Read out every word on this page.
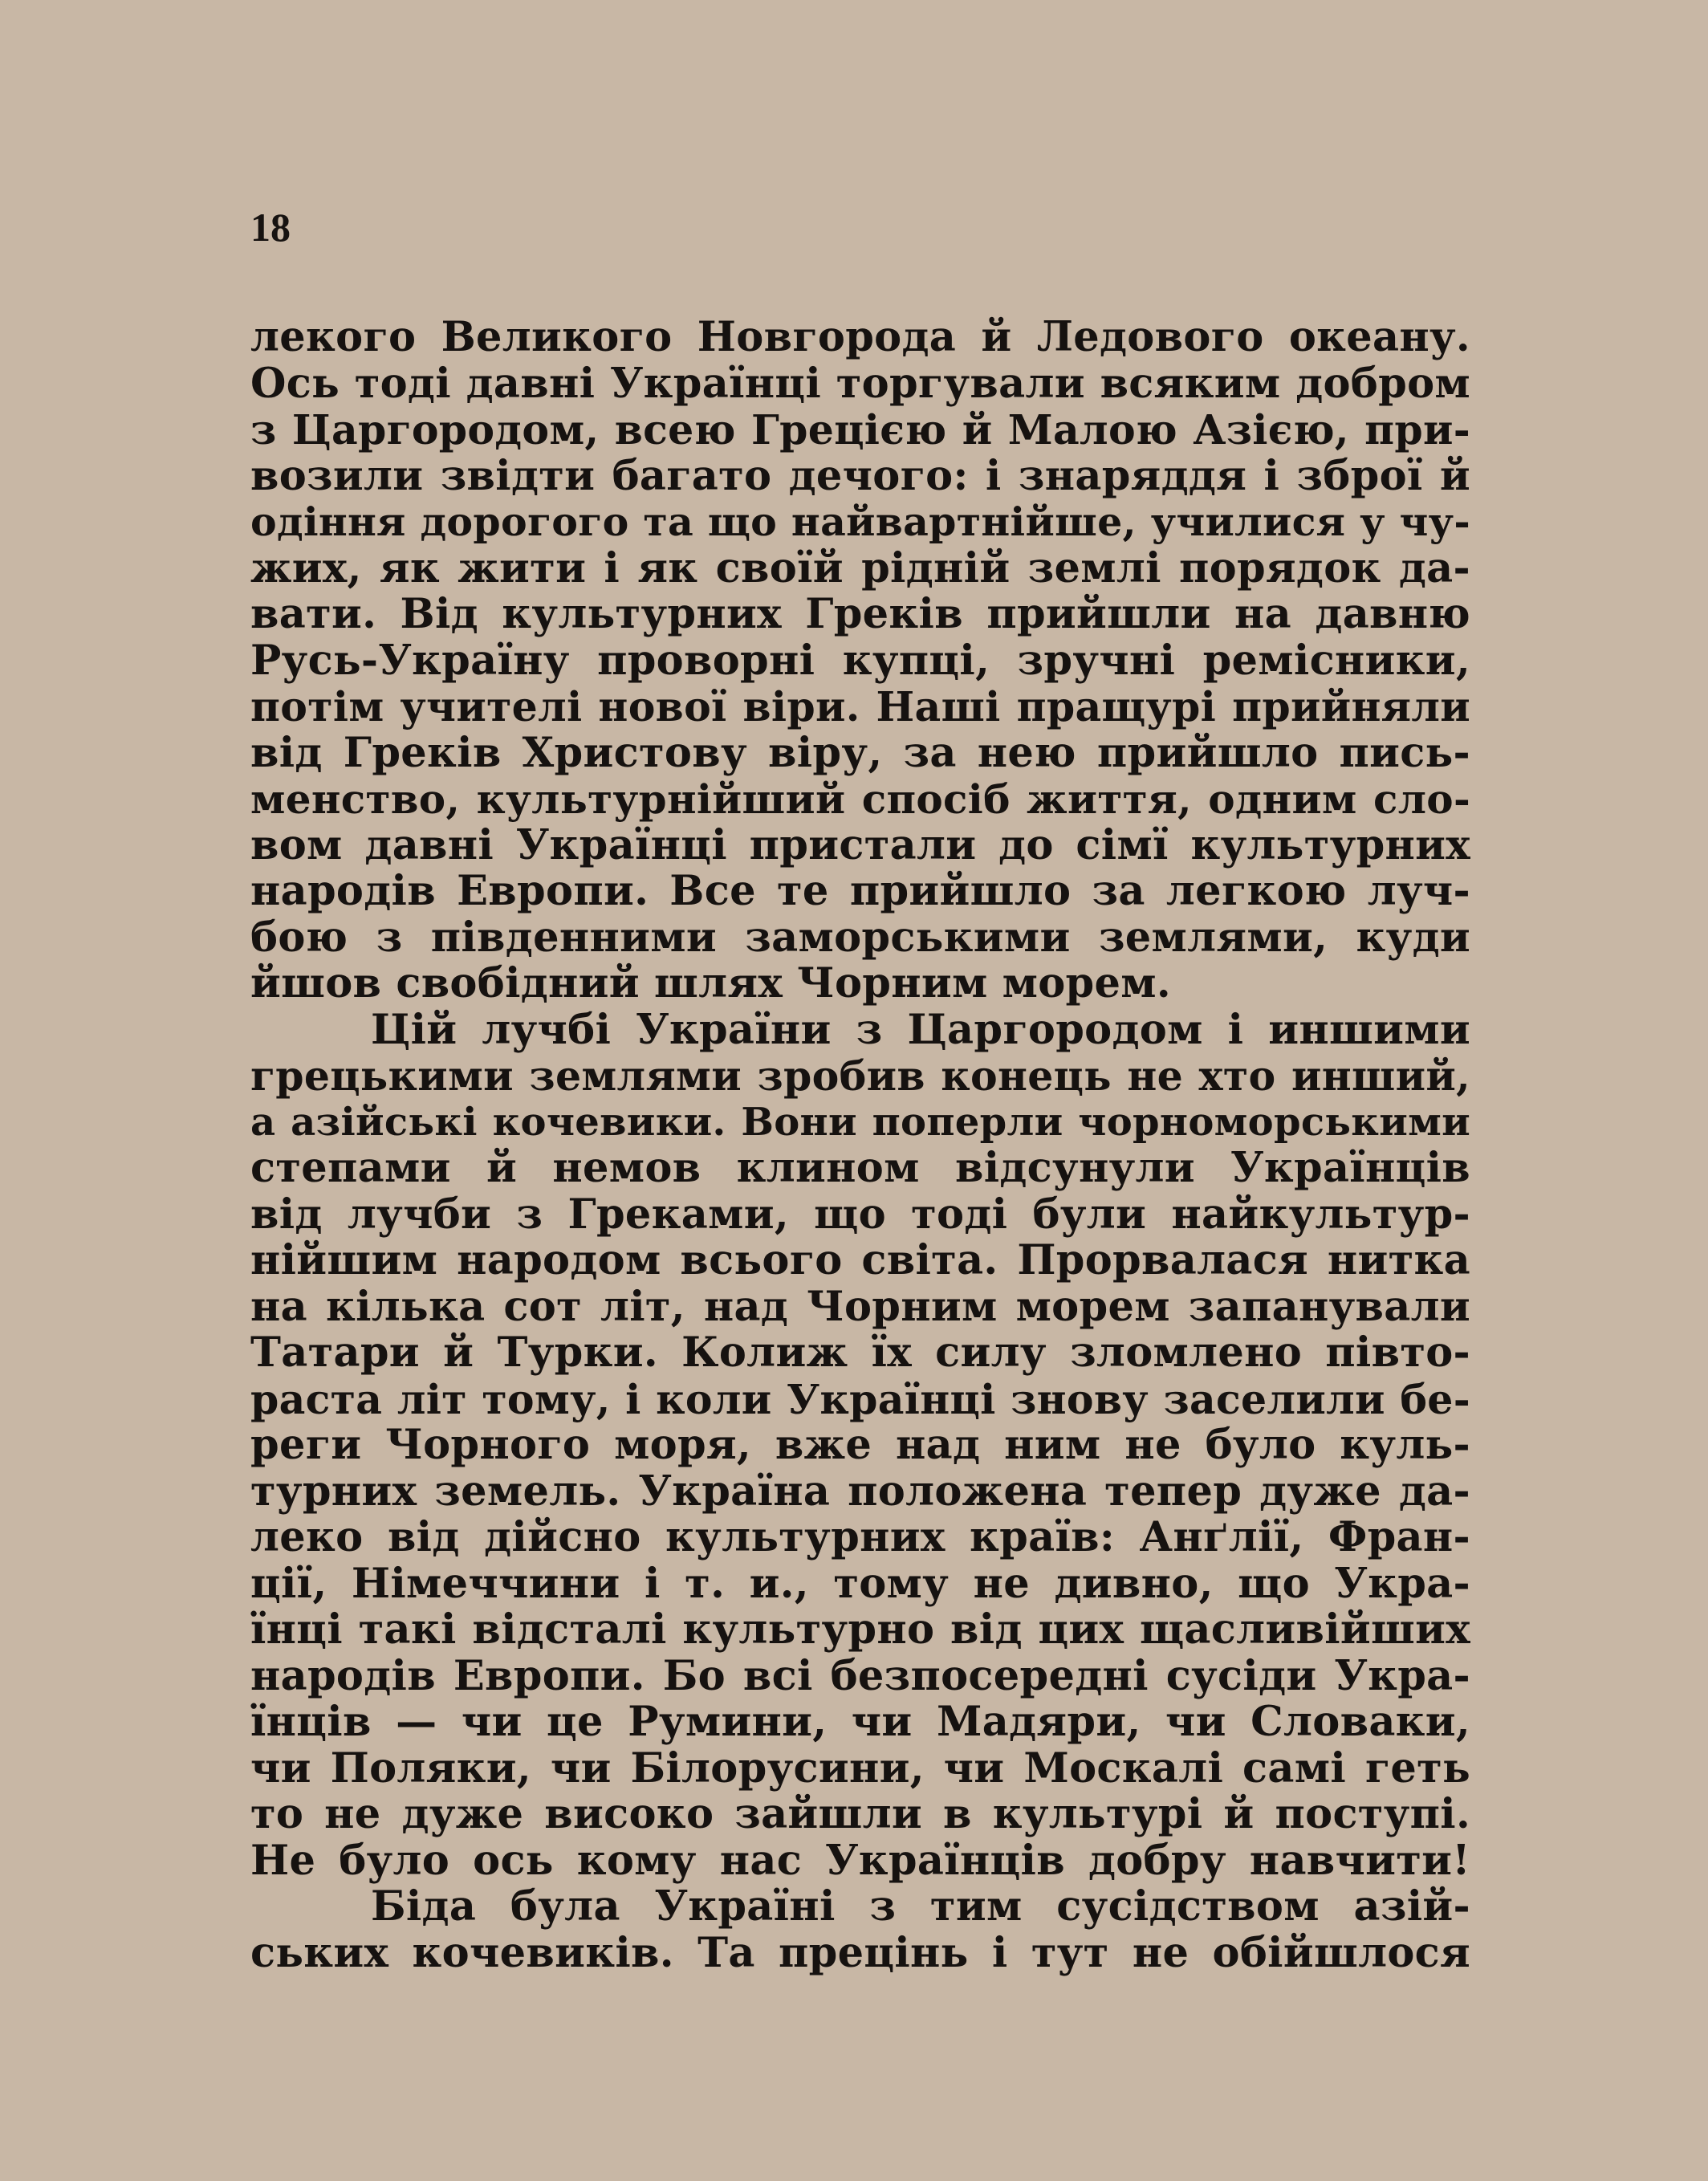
18
лекого Великого Новгорода й Ледового океану.
Ось тоді давні Українці торгували всяким добром
з Царгородом, всею Грецією й Малою Азією, при-
возили звідти багато дечого: і знаряддя і зброї й
одіння дорогого та що найвартнійше, училися у чу-
жих, як жити і як своїй рідній землі порядок да-
вати. Від культурних Греків прийшли на давню
Русь-Україну проворні купці, зручні ремісники,
потім учителі нової віри. Наші пращурі прийняли
від Греків Христову віру, за нею прийшло пись-
менство, культурнійший спосіб життя, одним сло-
вом давні Українці пристали до сімї культурних
народів Европи. Все те прийшло за легкою луч-
бою з південними заморськими землями, куди
йшов свобідний шлях Чорним морем.
Цій лучбі України з Царгородом і иншими
грецькими землями зробив конець не хто инший,
а азійські кочевики. Вони поперли чорноморськими
степами й немов клином відсунули Українців
від лучби з Греками, що тоді були найкультур-
нійшим народом всього світа. Прорвалася нитка
на кілька сот літ, над Чорним морем запанували
Татари й Турки. Колиж їх силу зломлено півто-
раста літ тому, і коли Українці знову заселили бе-
реги Чорного моря, вже над ним не було куль-
турних земель. Україна положена тепер дуже да-
леко від дійсно культурних країв: Анґлії, Фран-
ції, Німеччини і т. и., тому не дивно, що Укра-
їнці такі відсталі культурно від цих щасливійших
народів Европи. Бо всі безпосередні сусіди Укра-
їнців — чи це Румини, чи Мадяри, чи Словаки,
чи Поляки, чи Білорусини, чи Москалі самі геть
то не дуже високо зайшли в культурі й поступі.
Не було ось кому нас Українців добру навчити!
Біда була Україні з тим сусідством азій-
ських кочевиків. Та прецінь і тут не обійшлося
